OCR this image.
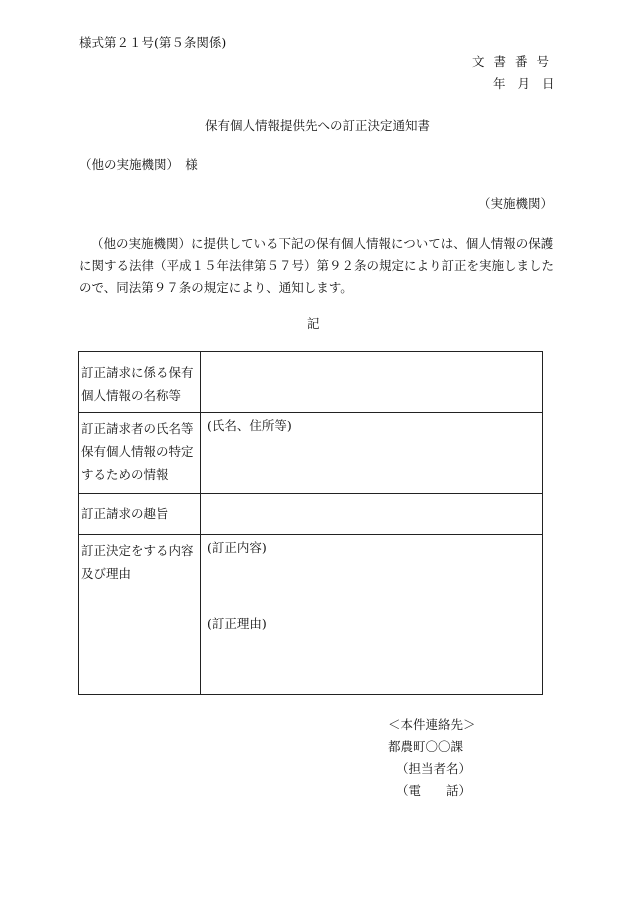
様式第２１号(第５条関係)
文書番号
年月日
保有個人情報提供先への訂正決定通知書
（他の実施機関）　様
（実施機関）
（他の実施機関）に提供している下記の保有個人情報については、個人情報の保護に関する法律（平成１５年法律第５７号）第９２条の規定により訂正を実施しましたので、同法第９７条の規定により、通知します。
記
訂正請求に係る保有個人情報の名称等	
訂正請求者の氏名等保有個人情報の特定するための情報	(氏名、住所等)
訂正請求の趣旨	
訂正決定をする内容及び理由	(訂正内容)
(訂正理由)
＜本件連絡先＞
都農町〇〇課
（担当者名）
（電　　話）
